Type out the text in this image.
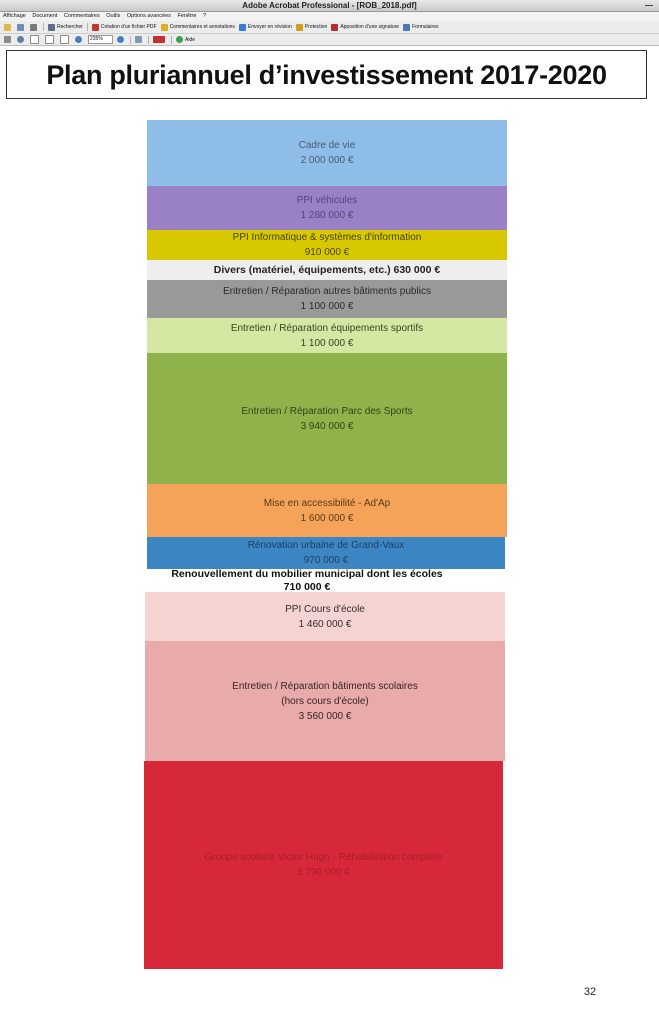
Adobe Acrobat Professional - [ROB_2018.pdf]	—
Affichage Document Commentaires Outils Options avancées Fenêtre ?
Rechercher	Création d'un fichier PDF	Commentaires et annotations	Envoyer en révision	Protection	Apposition d'une signature	Formulaires
235%	Aide
Plan pluriannuel d’investissement 2017-2020
Cadre de vie
2 000 000 €
PPI véhicules
1 280 000 €
PPI Informatique & systèmes d'information
910 000 €
Divers (matériel, équipements, etc.) 630 000 €
Entretien / Réparation autres bâtiments publics
1 100 000 €
Entretien / Réparation équipements sportifs
1 100 000 €
Entretien / Réparation Parc des Sports
3 940 000 €
Mise en accessibilité - Ad'Ap
1 600 000 €
Rénovation urbaine de Grand-Vaux
970 000 €
Renouvellement du mobilier municipal dont les écoles
710 000 €
PPI Cours d'école
1 460 000 €
Entretien / Réparation bâtiments scolaires
(hors cours d'école)
3 560 000 €
Groupe scolaire Victor Hugo - Réhabilitation complète
5 790 000 €
32
